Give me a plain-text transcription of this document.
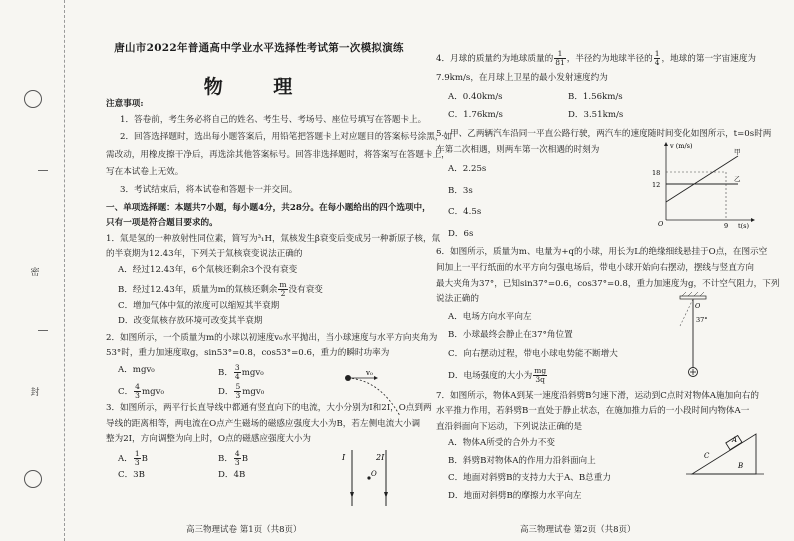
密
封
唐山市2022年普通高中学业水平选择性考试第一次模拟演练
物 理

注意事项:

1．答卷前，考生务必将自己的姓名、考生号、考场号、座位号填写在答题卡上。

2．回答选择题时，选出每小题答案后，用铅笔把答题卡上对应题目的答案标号涂黑，如

需改动，用橡皮擦干净后，再选涂其他答案标号。回答非选择题时，将答案写在答题卡上，

写在本试卷上无效。

3．考试结束后，将本试卷和答题卡一并交回。

一、单项选择题：本题共7小题，每小题4分，共28分。在每小题给出的四个选项中，

只有一项是符合题目要求的。

1．氚是氢的一种放射性同位素，简写为³₁H，氚核发生β衰变后变成另一种新原子核，氚

的半衰期为12.43年，下列关于氚核衰变说法正确的

A．经过12.43年，6个氚核还剩余3个没有衰变

B．经过12.43年，质量为m的氚核还剩余 $\frac{m}{2}$ 没有衰变

C．增加气体中氚的浓度可以缩短其半衰期

D．改变氚核存放环境可改变其半衰期

2．如图所示，一个质量为m的小球以初速度v₀水平抛出，当小球速度与水平方向夹角为

53°时，重力加速度取g，sin53°=0.8，cos53°=0.6，重力的瞬时功率为

A．mgv₀	B． $\frac{3}{4} mgv_0$
C． $\frac{4}{3} mgv_0$	D． $\frac{5}{3} mgv_0$

3．如图所示，两平行长直导线中都通有竖直向下的电流，大小分别为I和2I，O点到两

导线的距离相等，两电流在O点产生磁场的磁感应强度大小为B，若左侧电流大小调

整为2I，方向调整为向上时，O点的磁感应强度大小为

A． $\frac{1}{3}$ B	B． $\frac{4}{3}$ B
C．3B	D．4B
v₀
I	2I
O
高三物理试卷 第1页（共8页）

4．月球的质量约为地球质量的 $\frac{1}{81}$ ，半径约为地球半径的 $\frac{1}{4}$ ，地球的第一宇宙速度为

7.9km/s，在月球上卫星的最小发射速度约为

A．0.40km/s	B．1.56km/s
C．1.76km/s	D．3.51km/s

5．甲、乙两辆汽车沿同一平直公路行驶，两汽车的速度随时间变化如图所示，t=0s时两

车第二次相遇，则两车第一次相遇的时刻为

A．2.25s

B．3s

C．4.5s

D．6s

6．如图所示，质量为m、电量为+q的小球，用长为L的绝缘细线悬挂于O点，在图示空

间加上一平行纸面的水平方向匀强电场后，带电小球开始向右摆动，摆线与竖直方向

最大夹角为37°，已知sin37°=0.6，cos37°=0.8，重力加速度为g，不计空气阻力，下列

说法正确的

A．电场方向水平向左

B．小球最终会静止在37°角位置

C．向右摆动过程，带电小球电势能不断增大

D．电场强度的大小为 $\frac{mg}{3q}$

7．如图所示，物体A到某一速度沿斜劈B匀速下滑，运动到C点时对物体A施加向右的

水平推力作用，若斜劈B一直处于静止状态，在施加推力后的一小段时间内物体A一

直沿斜面向下运动，下列说法正确的是

A．物体A所受的合外力不变

B．斜劈B对物体A的作用力沿斜面向上

C．地面对斜劈B的支持力大于A、B总重力

D．地面对斜劈B的摩擦力水平向左

v (m/s)
甲
乙
18
12
O	9 t(s)
O
37°
A
B
C
高三物理试卷 第2页（共8页）
